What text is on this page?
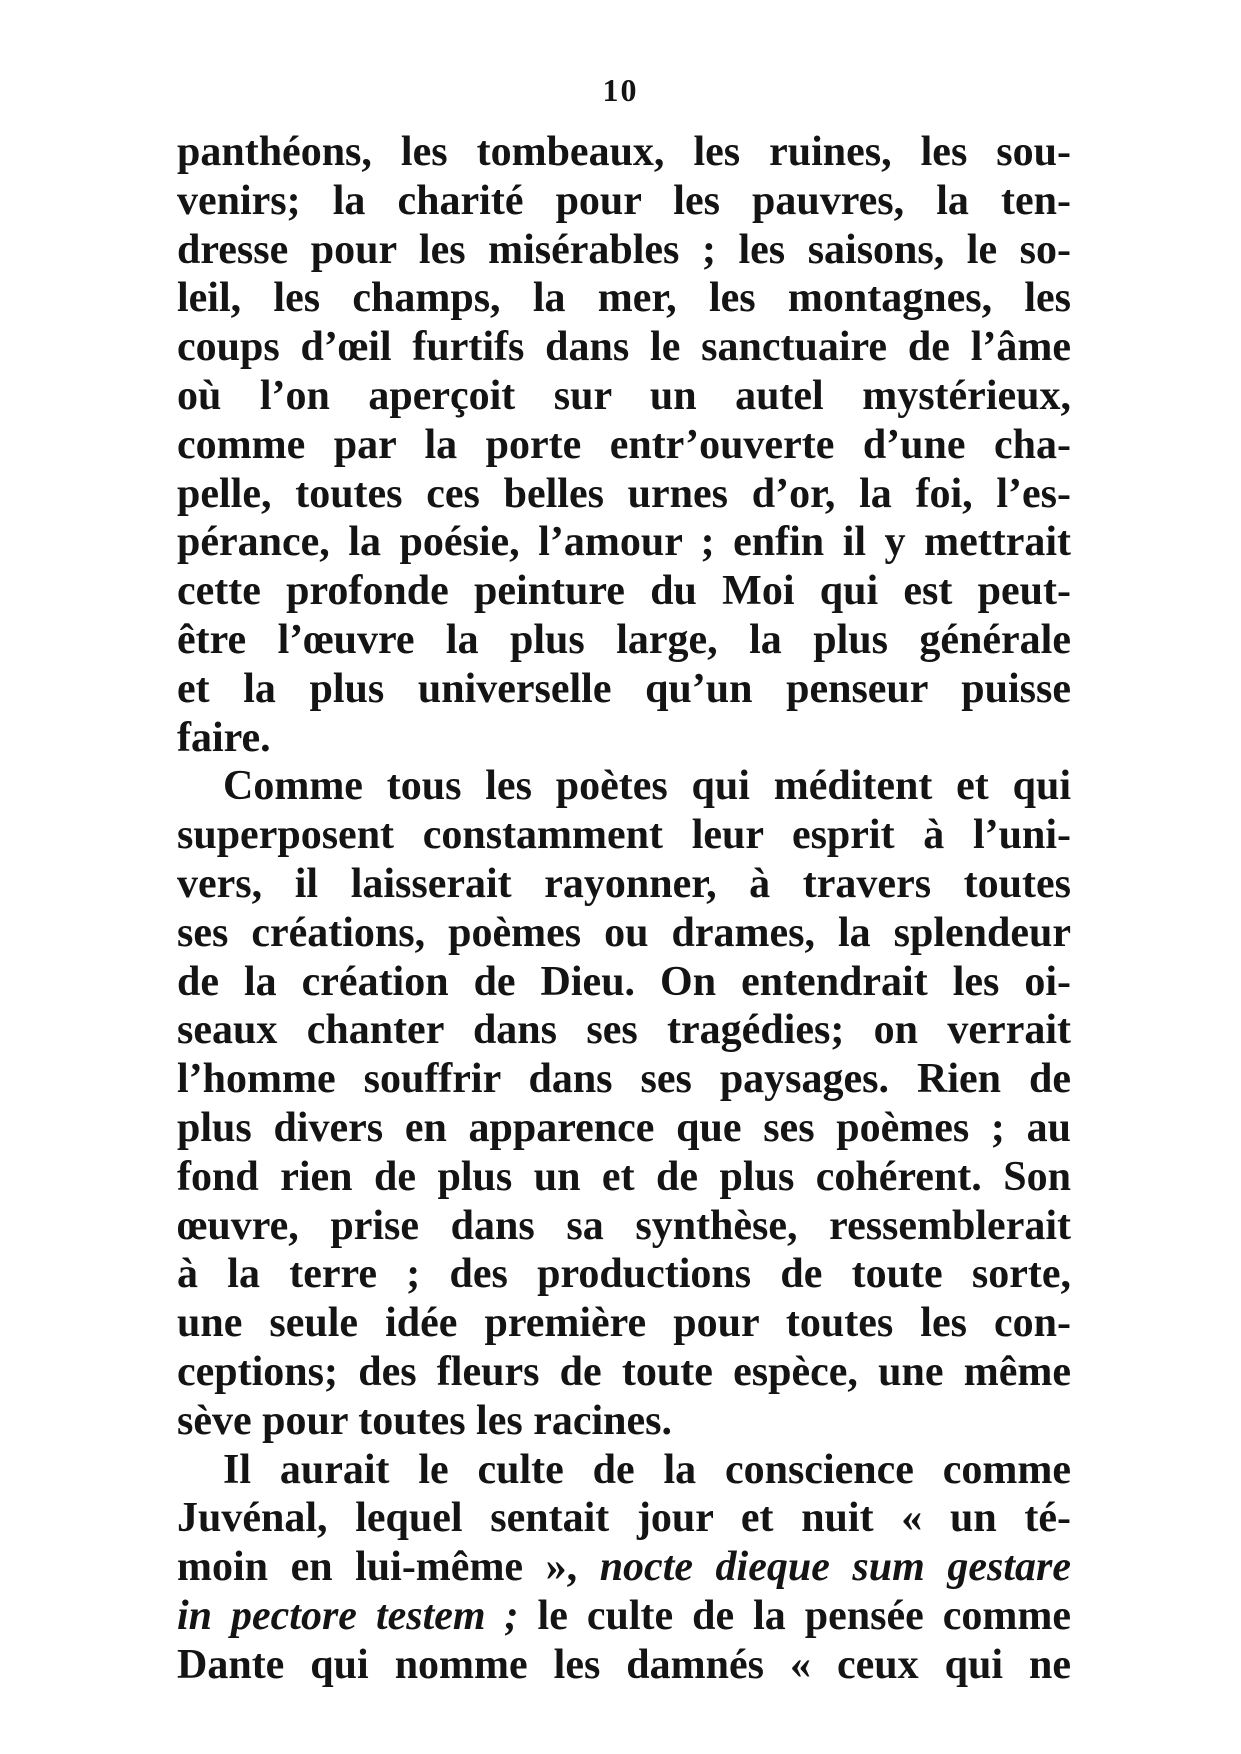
10
panthéons, les tombeaux, les ruines, les sou-
venirs; la charité pour les pauvres, la ten-
dresse pour les misérables ; les saisons, le so-
leil, les champs, la mer, les montagnes, les
coups d’œil furtifs dans le sanctuaire de l’âme
où l’on aperçoit sur un autel mystérieux,
comme par la porte entr’ouverte d’une cha-
pelle, toutes ces belles urnes d’or, la foi, l’es-
pérance, la poésie, l’amour ; enfin il y mettrait
cette profonde peinture du Moi qui est peut-
être l’œuvre la plus large, la plus générale
et la plus universelle qu’un penseur puisse
faire.
Comme tous les poètes qui méditent et qui
superposent constamment leur esprit à l’uni-
vers, il laisserait rayonner, à travers toutes
ses créations, poèmes ou drames, la splendeur
de la création de Dieu. On entendrait les oi-
seaux chanter dans ses tragédies; on verrait
l’homme souffrir dans ses paysages. Rien de
plus divers en apparence que ses poèmes ; au
fond rien de plus un et de plus cohérent. Son
œuvre, prise dans sa synthèse, ressemblerait
à la terre ; des productions de toute sorte,
une seule idée première pour toutes les con-
ceptions; des fleurs de toute espèce, une même
sève pour toutes les racines.
Il aurait le culte de la conscience comme
Juvénal, lequel sentait jour et nuit « un té-
moin en lui-même », nocte dieque sum gestare
in pectore testem ; le culte de la pensée comme
Dante qui nomme les damnés « ceux qui ne
